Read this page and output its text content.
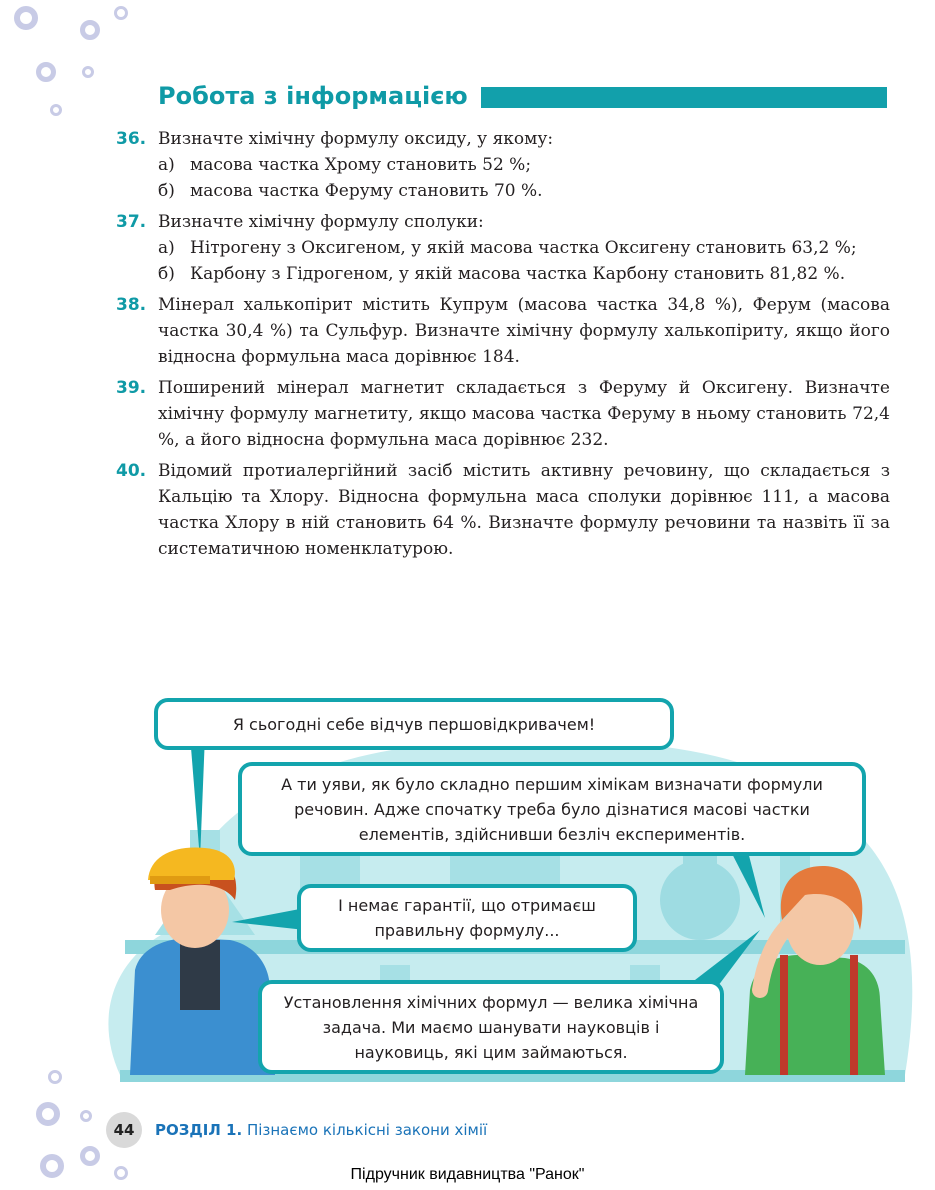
Робота з інформацією
36. Визначте хімічну формулу оксиду, у якому:
а) масова частка Хрому становить 52 %;
б) масова частка Феруму становить 70 %.
37. Визначте хімічну формулу сполуки:
а) Нітрогену з Оксигеном, у якій масова частка Оксигену становить 63,2 %;
б) Карбону з Гідрогеном, у якій масова частка Карбону становить 81,82 %.
38. Мінерал халькопірит містить Купрум (масова частка 34,8 %), Ферум (масова частка 30,4 %) та Сульфур. Визначте хімічну формулу халькопіриту, якщо його відносна формульна маса дорівнює 184.
39. Поширений мінерал магнетит складається з Феруму й Оксигену. Визначте хімічну формулу магнетиту, якщо масова частка Феруму в ньому становить 72,4 %, а його відносна формульна маса дорівнює 232.
40. Відомий протиалергійний засіб містить активну речовину, що складається з Кальцію та Хлору. Відносна формульна маса сполуки дорівнює 111, а масова частка Хлору в ній становить 64 %. Визначте формулу речовини та назвіть її за систематичною номенклатурою.
Я сьогодні себе відчув першовідкривачем!
А ти уяви, як було складно першим хімікам визначати формули речовин. Адже спочатку треба було дізнатися масові частки елементів, здійснивши безліч експериментів.
І немає гарантії, що отримаєш правильну формулу...
Установлення хімічних формул — велика хімічна задача. Ми маємо шанувати науковців і науковиць, які цим займаються.
44	РОЗДІЛ 1. Пізнаємо кількісні закони хімії
Підручник видавництва "Ранок"
